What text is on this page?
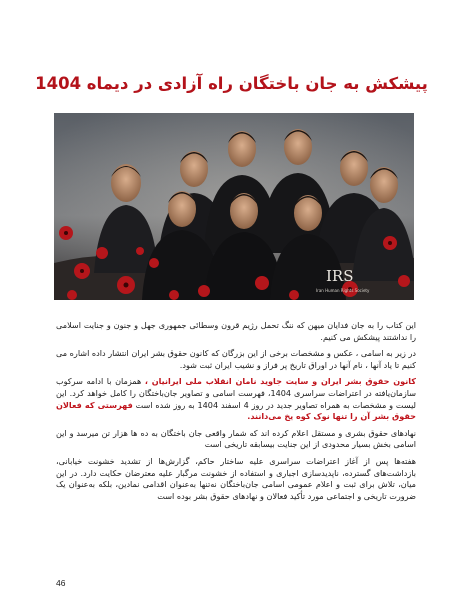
پیشکش به جان باختگان راه آزادی در دیماه 1404
IRS
Iran Human Rights Society

این کتاب را به جان فدایان میهن که ننگ تحمل رژیم قرون وسطائی جمهوری جهل و جنون و جنایت اسلامی را نداشتند پیشکش می کنیم.

در زیر به اسامی ، عکس و مشخصات برخی از این بزرگان که کانون حقوق بشر ایران انتشار داده اشاره می کنیم تا یاد آنها ، نام آنها در اوراق تاریخ پر فراز و نشیب ایران ثبت شود.

کانون حقوق بشر ایران و سایت جاوید نامان انقلاب ملی ایرانیان ، همزمان با ادامه سرکوب سازمان‌یافته در اعتراضات سراسری 1404، فهرست اسامی و تصاویر جان‌باختگان را کامل خواهد کرد. این لیست و مشخصات به همراه تصاویر جدید در روز 4 اسفند 1404 به روز شده است فهرستی که فعالان حقوق بشر آن را تنها نوک کوه یخ می‌دانند.

نهادهای حقوق بشری و مستقل اعلام کرده اند که شمار واقعی جان باختگان به ده ها هزار تن میرسد و این اسامی بخش بسیار محدودی از این جنایت بیسابقه تاریخی است

هفته‌ها پس از آغاز اعتراضات سراسری علیه ساختار حاکم، گزارش‌ها از تشدید خشونت خیابانی، بازداشت‌های گسترده، ناپدیدسازی اجباری و استفاده از خشونت مرگبار علیه معترضان حکایت دارد. در این میان، تلاش برای ثبت و اعلام عمومی اسامی جان‌باختگان نه‌تنها به‌عنوان اقدامی نمادین، بلکه به‌عنوان یک ضرورت تاریخی و اجتماعی مورد تأکید فعالان و نهادهای حقوق بشر بوده است

46
